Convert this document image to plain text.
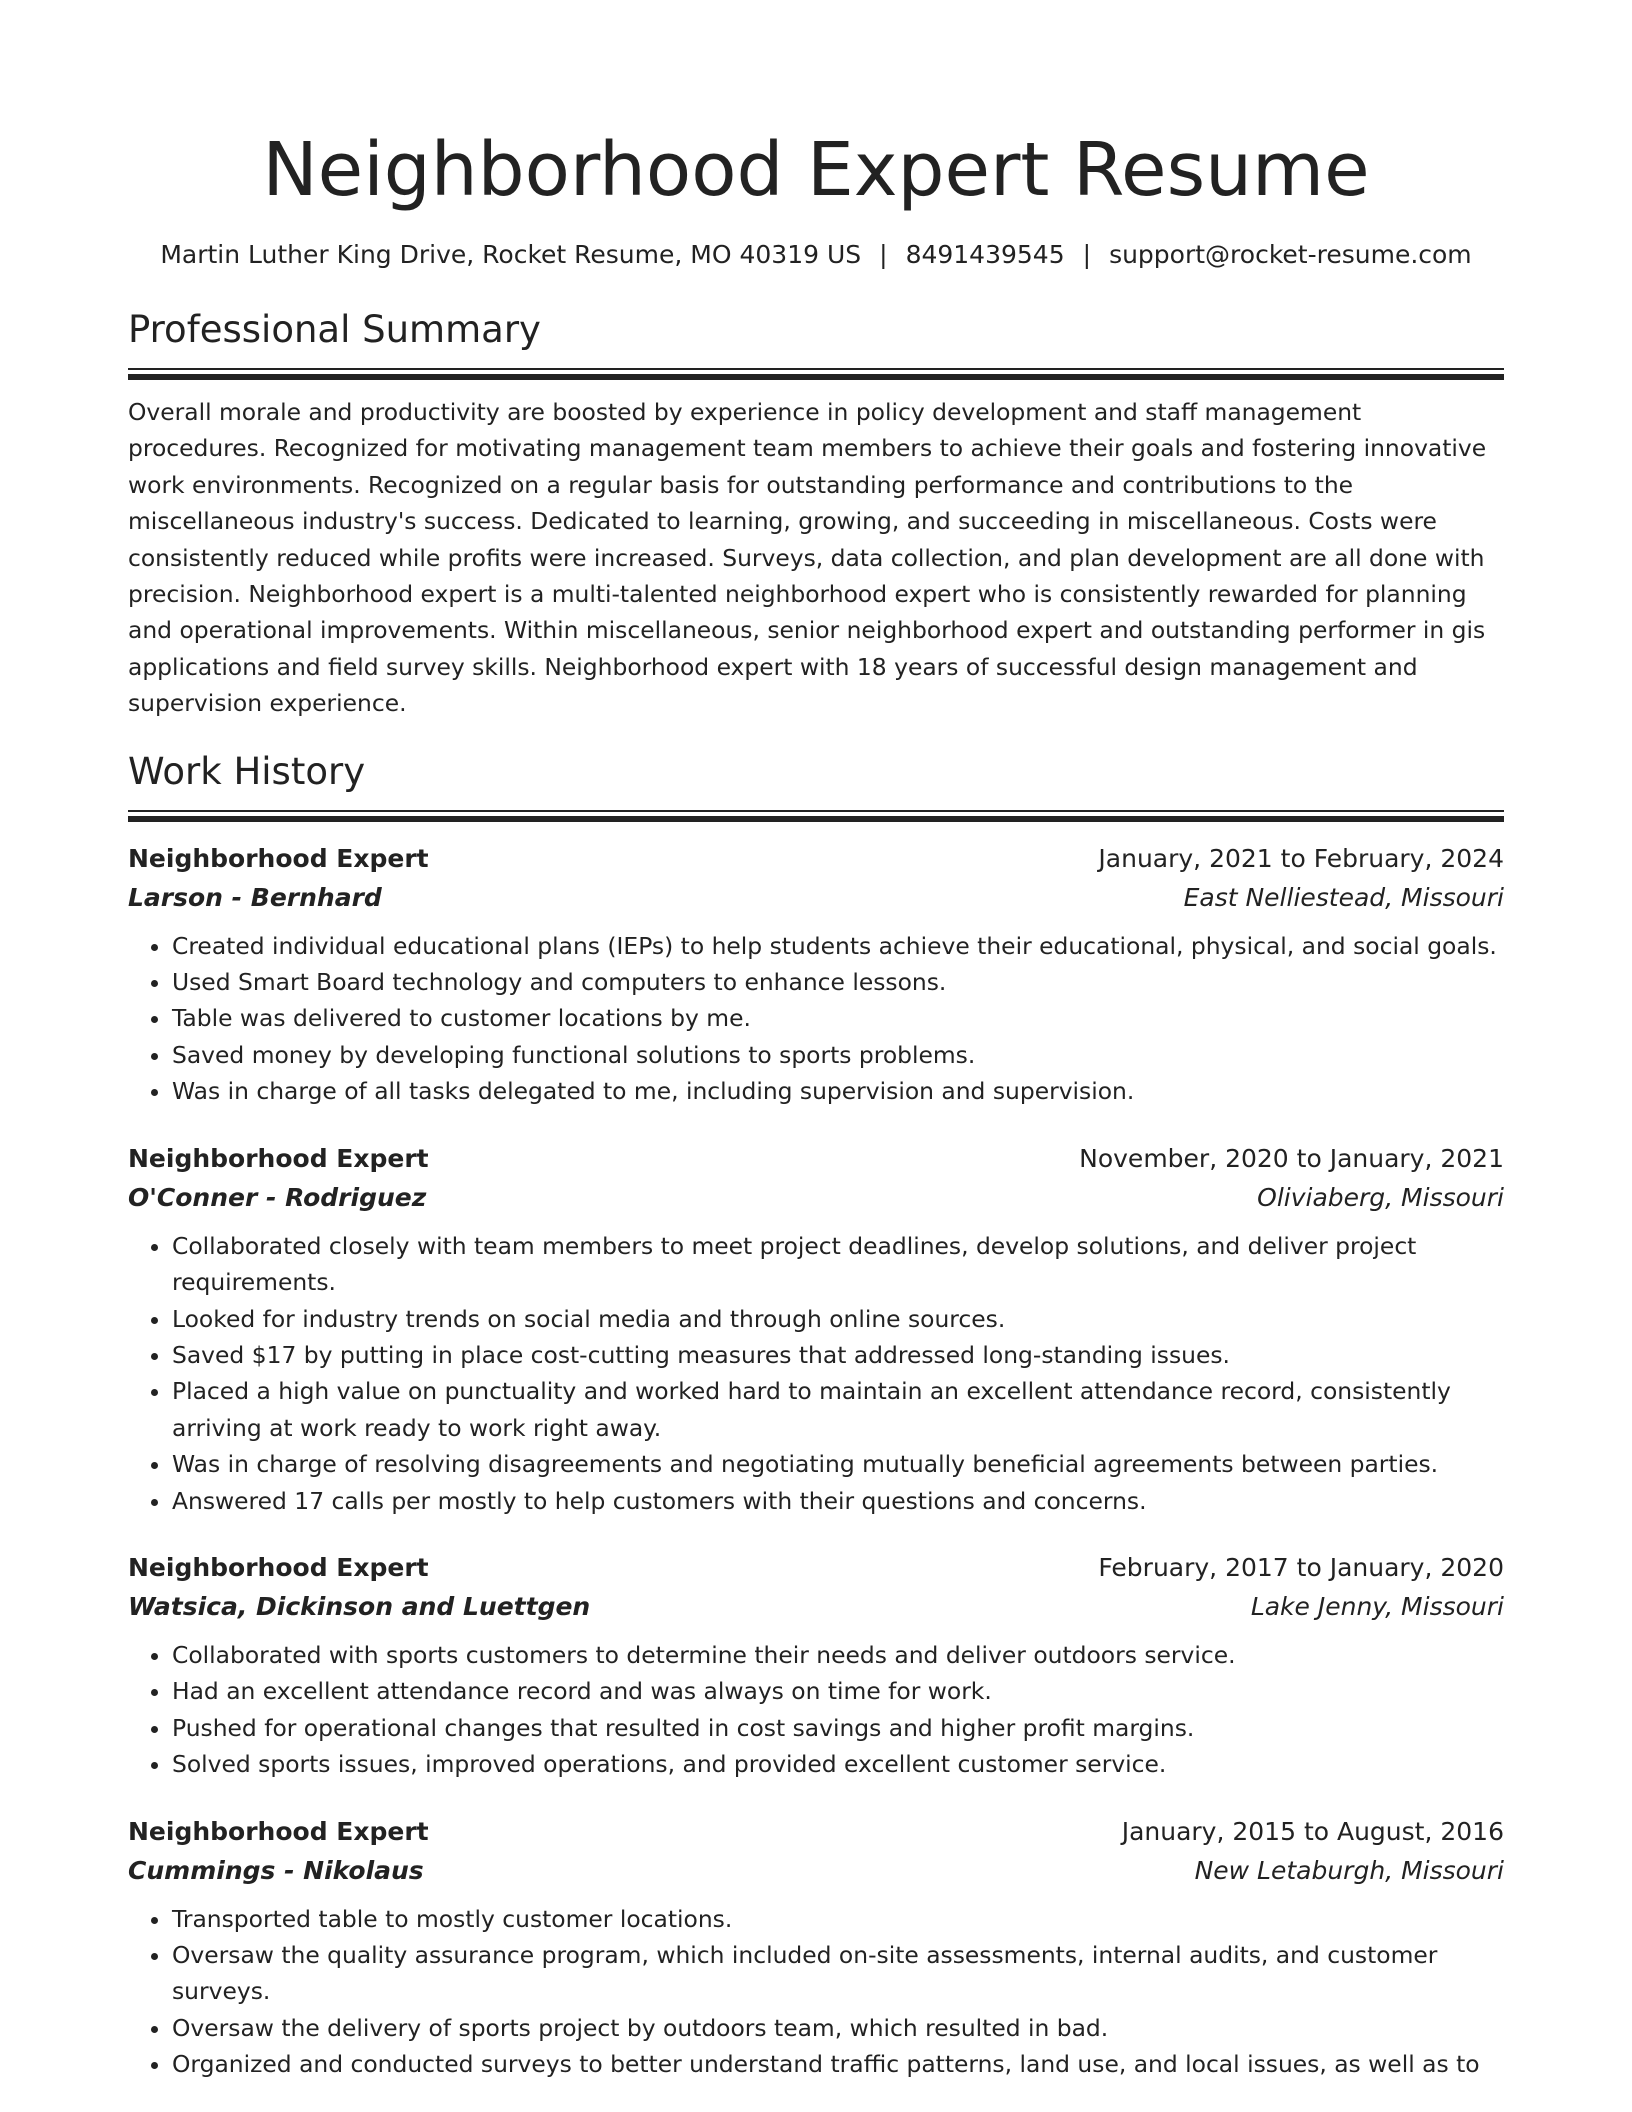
Neighborhood Expert Resume
Martin Luther King Drive, Rocket Resume, MO 40319 US | 8491439545 | support@rocket-resume.com
Professional Summary

Overall morale and productivity are boosted by experience in policy development and staff management procedures. Recognized for motivating management team members to achieve their goals and fostering innovative work environments. Recognized on a regular basis for outstanding performance and contributions to the miscellaneous industry's success. Dedicated to learning, growing, and succeeding in miscellaneous. Costs were consistently reduced while profits were increased. Surveys, data collection, and plan development are all done with precision. Neighborhood expert is a multi-talented neighborhood expert who is consistently rewarded for planning and operational improvements. Within miscellaneous, senior neighborhood expert and outstanding performer in gis applications and field survey skills. Neighborhood expert with 18 years of successful design management and supervision experience.

Work History
Neighborhood Expert	January, 2021 to February, 2024
Larson - Bernhard	East Nelliestead, Missouri
• Created individual educational plans (IEPs) to help students achieve their educational, physical, and social goals.
• Used Smart Board technology and computers to enhance lessons.
• Table was delivered to customer locations by me.
• Saved money by developing functional solutions to sports problems.
• Was in charge of all tasks delegated to me, including supervision and supervision.
Neighborhood Expert	November, 2020 to January, 2021
O'Conner - Rodriguez	Oliviaberg, Missouri
• Collaborated closely with team members to meet project deadlines, develop solutions, and deliver project requirements.
• Looked for industry trends on social media and through online sources.
• Saved $17 by putting in place cost-cutting measures that addressed long-standing issues.
• Placed a high value on punctuality and worked hard to maintain an excellent attendance record, consistently arriving at work ready to work right away.
• Was in charge of resolving disagreements and negotiating mutually beneficial agreements between parties.
• Answered 17 calls per mostly to help customers with their questions and concerns.
Neighborhood Expert	February, 2017 to January, 2020
Watsica, Dickinson and Luettgen	Lake Jenny, Missouri
• Collaborated with sports customers to determine their needs and deliver outdoors service.
• Had an excellent attendance record and was always on time for work.
• Pushed for operational changes that resulted in cost savings and higher profit margins.
• Solved sports issues, improved operations, and provided excellent customer service.
Neighborhood Expert	January, 2015 to August, 2016
Cummings - Nikolaus	New Letaburgh, Missouri
• Transported table to mostly customer locations.
• Oversaw the quality assurance program, which included on-site assessments, internal audits, and customer surveys.
• Oversaw the delivery of sports project by outdoors team, which resulted in bad.
• Organized and conducted surveys to better understand traffic patterns, land use, and local issues, as well as to
